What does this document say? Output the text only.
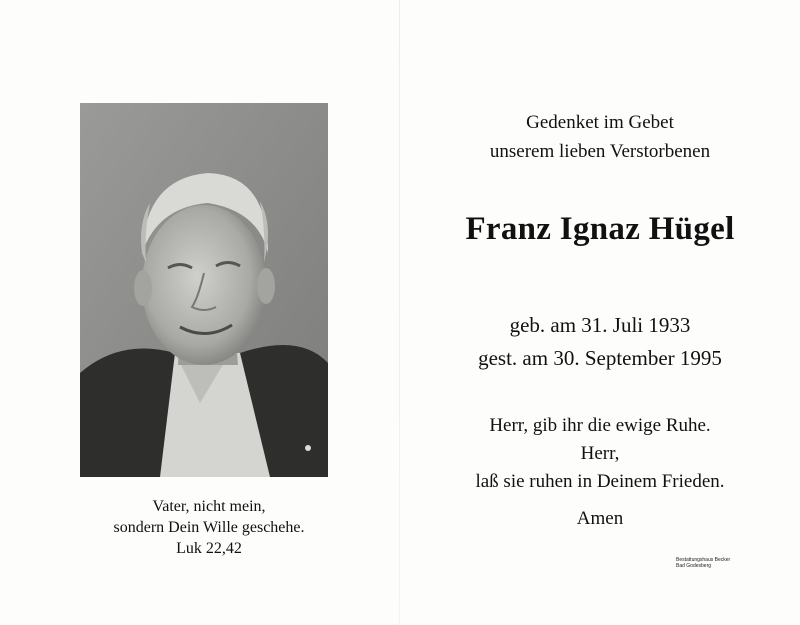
Vater, nicht mein,
sondern Dein Wille geschehe.
Luk 22,42
Gedenket im Gebet
unserem lieben Verstorbenen
Franz Ignaz Hügel
geb. am 31. Juli 1933
gest. am 30. September 1995
Herr, gib ihr die ewige Ruhe.
Herr,
laß sie ruhen in Deinem Frieden.
Amen
Bestattungshaus Becker
Bad Godesberg
